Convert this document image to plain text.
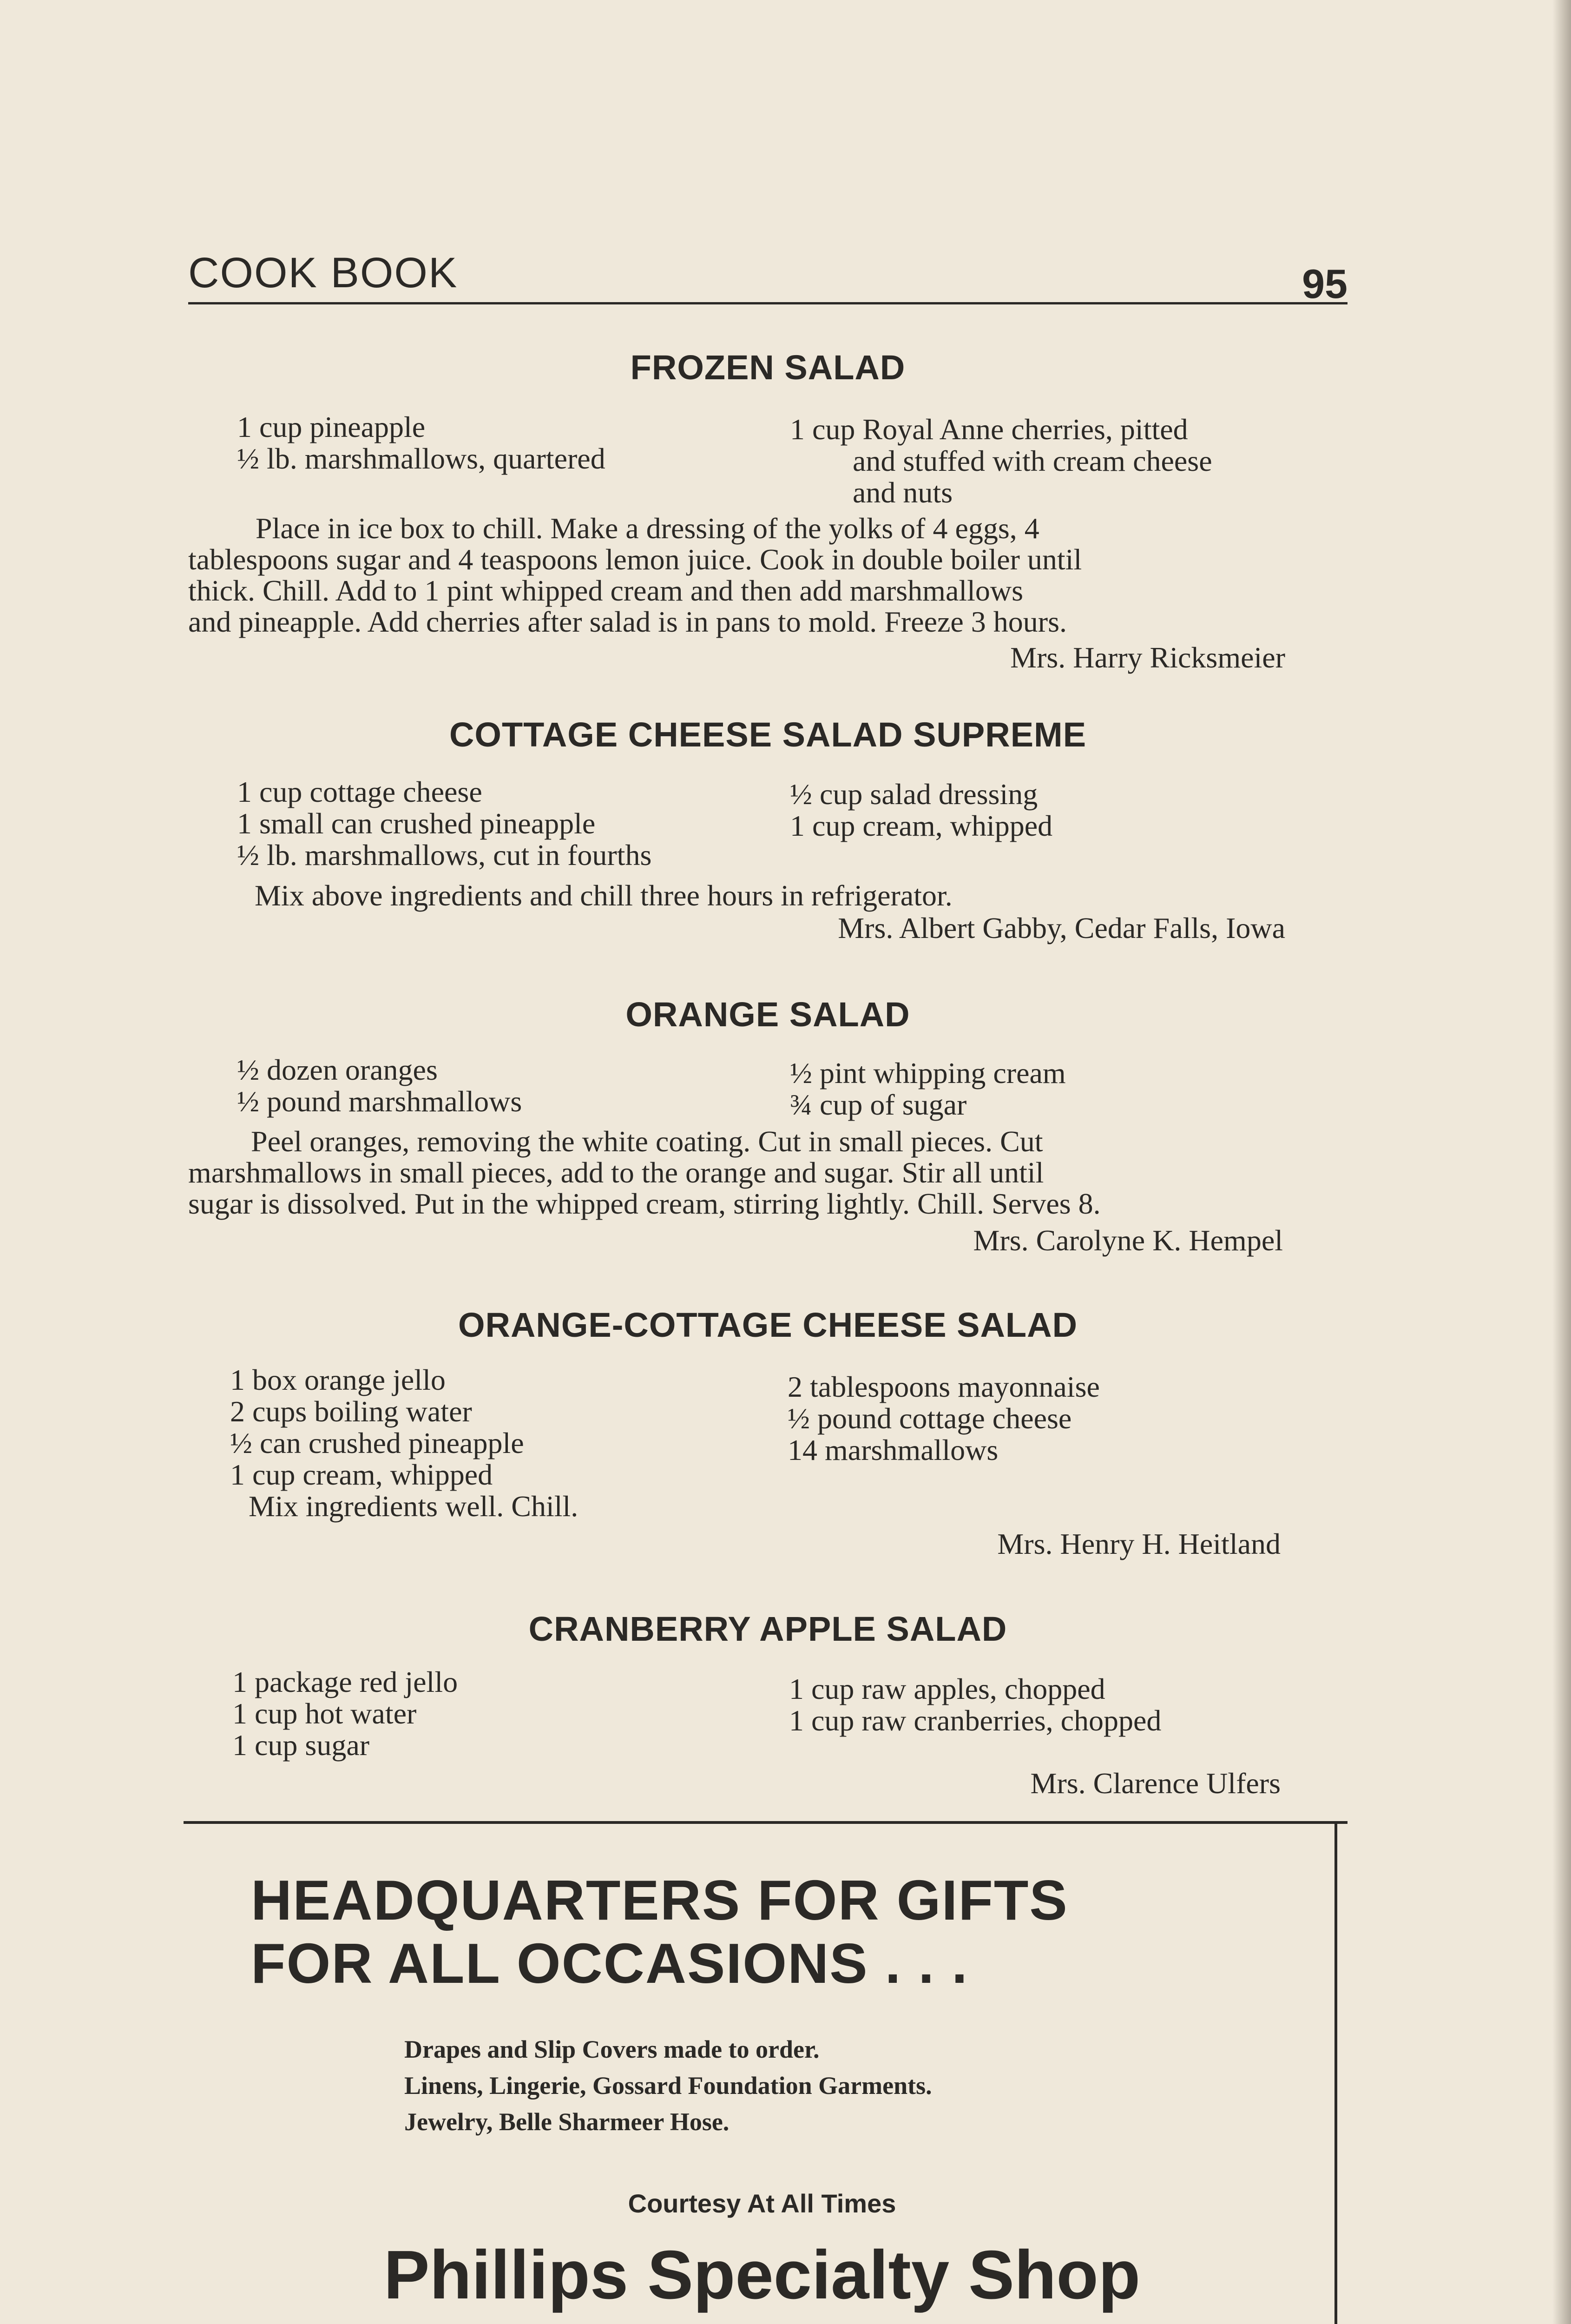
COOK BOOK	95
FROZEN SALAD
1 cup pineapple
½ lb. marshmallows, quartered
1 cup Royal Anne cherries, pitted
and stuffed with cream cheese
and nuts
Place in ice box to chill. Make a dressing of the yolks of 4 eggs, 4
tablespoons sugar and 4 teaspoons lemon juice. Cook in double boiler until
thick. Chill. Add to 1 pint whipped cream and then add marshmallows
and pineapple. Add cherries after salad is in pans to mold. Freeze 3 hours.
Mrs. Harry Ricksmeier
COTTAGE CHEESE SALAD SUPREME
1 cup cottage cheese
1 small can crushed pineapple
½ lb. marshmallows, cut in fourths
½ cup salad dressing
1 cup cream, whipped
Mix above ingredients and chill three hours in refrigerator.
Mrs. Albert Gabby, Cedar Falls, Iowa
ORANGE SALAD
½ dozen oranges
½ pound marshmallows
½ pint whipping cream
¾ cup of sugar
Peel oranges, removing the white coating. Cut in small pieces. Cut
marshmallows in small pieces, add to the orange and sugar. Stir all until
sugar is dissolved. Put in the whipped cream, stirring lightly. Chill. Serves 8.
Mrs. Carolyne K. Hempel
ORANGE-COTTAGE CHEESE SALAD
1 box orange jello
2 cups boiling water
½ can crushed pineapple
1 cup cream, whipped
Mix ingredients well. Chill.
2 tablespoons mayonnaise
½ pound cottage cheese
14 marshmallows
Mrs. Henry H. Heitland
CRANBERRY APPLE SALAD
1 package red jello
1 cup hot water
1 cup sugar
1 cup raw apples, chopped
1 cup raw cranberries, chopped
Mrs. Clarence Ulfers
HEADQUARTERS FOR GIFTS
FOR ALL OCCASIONS . . .
Drapes and Slip Covers made to order.
Linens, Lingerie, Gossard Foundation Garments.
Jewelry, Belle Sharmeer Hose.
Courtesy At All Times
Phillips Specialty Shop
